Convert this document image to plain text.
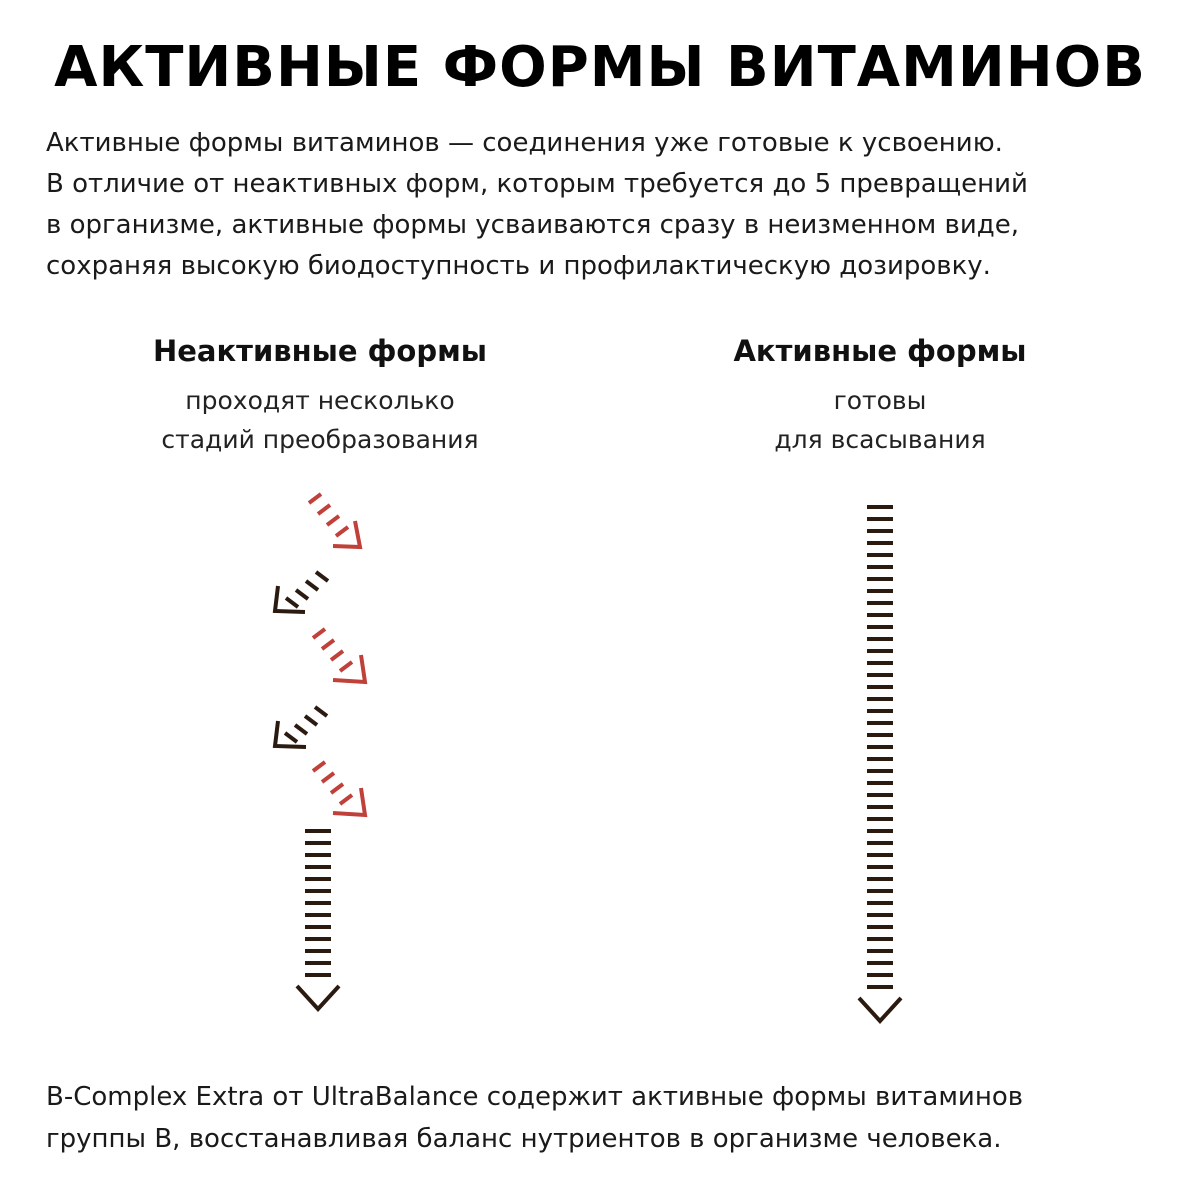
АКТИВНЫЕ ФОРМЫ ВИТАМИНОВ
Активные формы витаминов — соединения уже готовые к усвоению.
В отличие от неактивных форм, которым требуется до 5 превращений
в организме, активные формы усваиваются сразу в неизменном виде,
сохраняя высокую биодоступность и профилактическую дозировку.
Неактивные формы
проходят несколько
стадий преобразования
Активные формы
готовы
для всасывания
B-Complex Extra от UltraBalance содержит активные формы витаминов
группы В, восстанавливая баланс нутриентов в организме человека.
